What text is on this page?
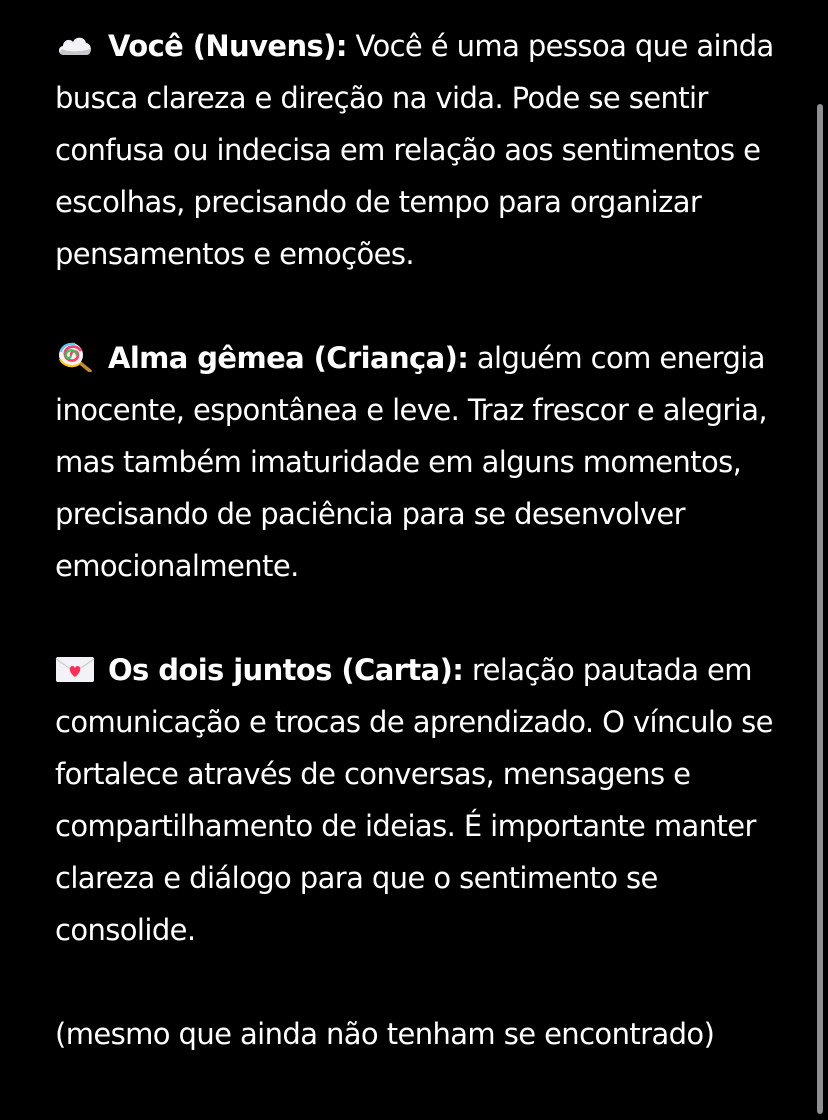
Você (Nuvens): Você é uma pessoa que ainda busca clareza e direção na vida. Pode se sentir confusa ou indecisa em relação aos sentimentos e escolhas, precisando de tempo para organizar pensamentos e emoções.

Alma gêmea (Criança): alguém com energia inocente, espontânea e leve. Traz frescor e alegria, mas também imaturidade em alguns momentos, precisando de paciência para se desenvolver emocionalmente.

Os dois juntos (Carta): relação pautada em comunicação e trocas de aprendizado. O vínculo se fortalece através de conversas, mensagens e compartilhamento de ideias. É importante manter clareza e diálogo para que o sentimento se consolide.

(mesmo que ainda não tenham se encontrado)
